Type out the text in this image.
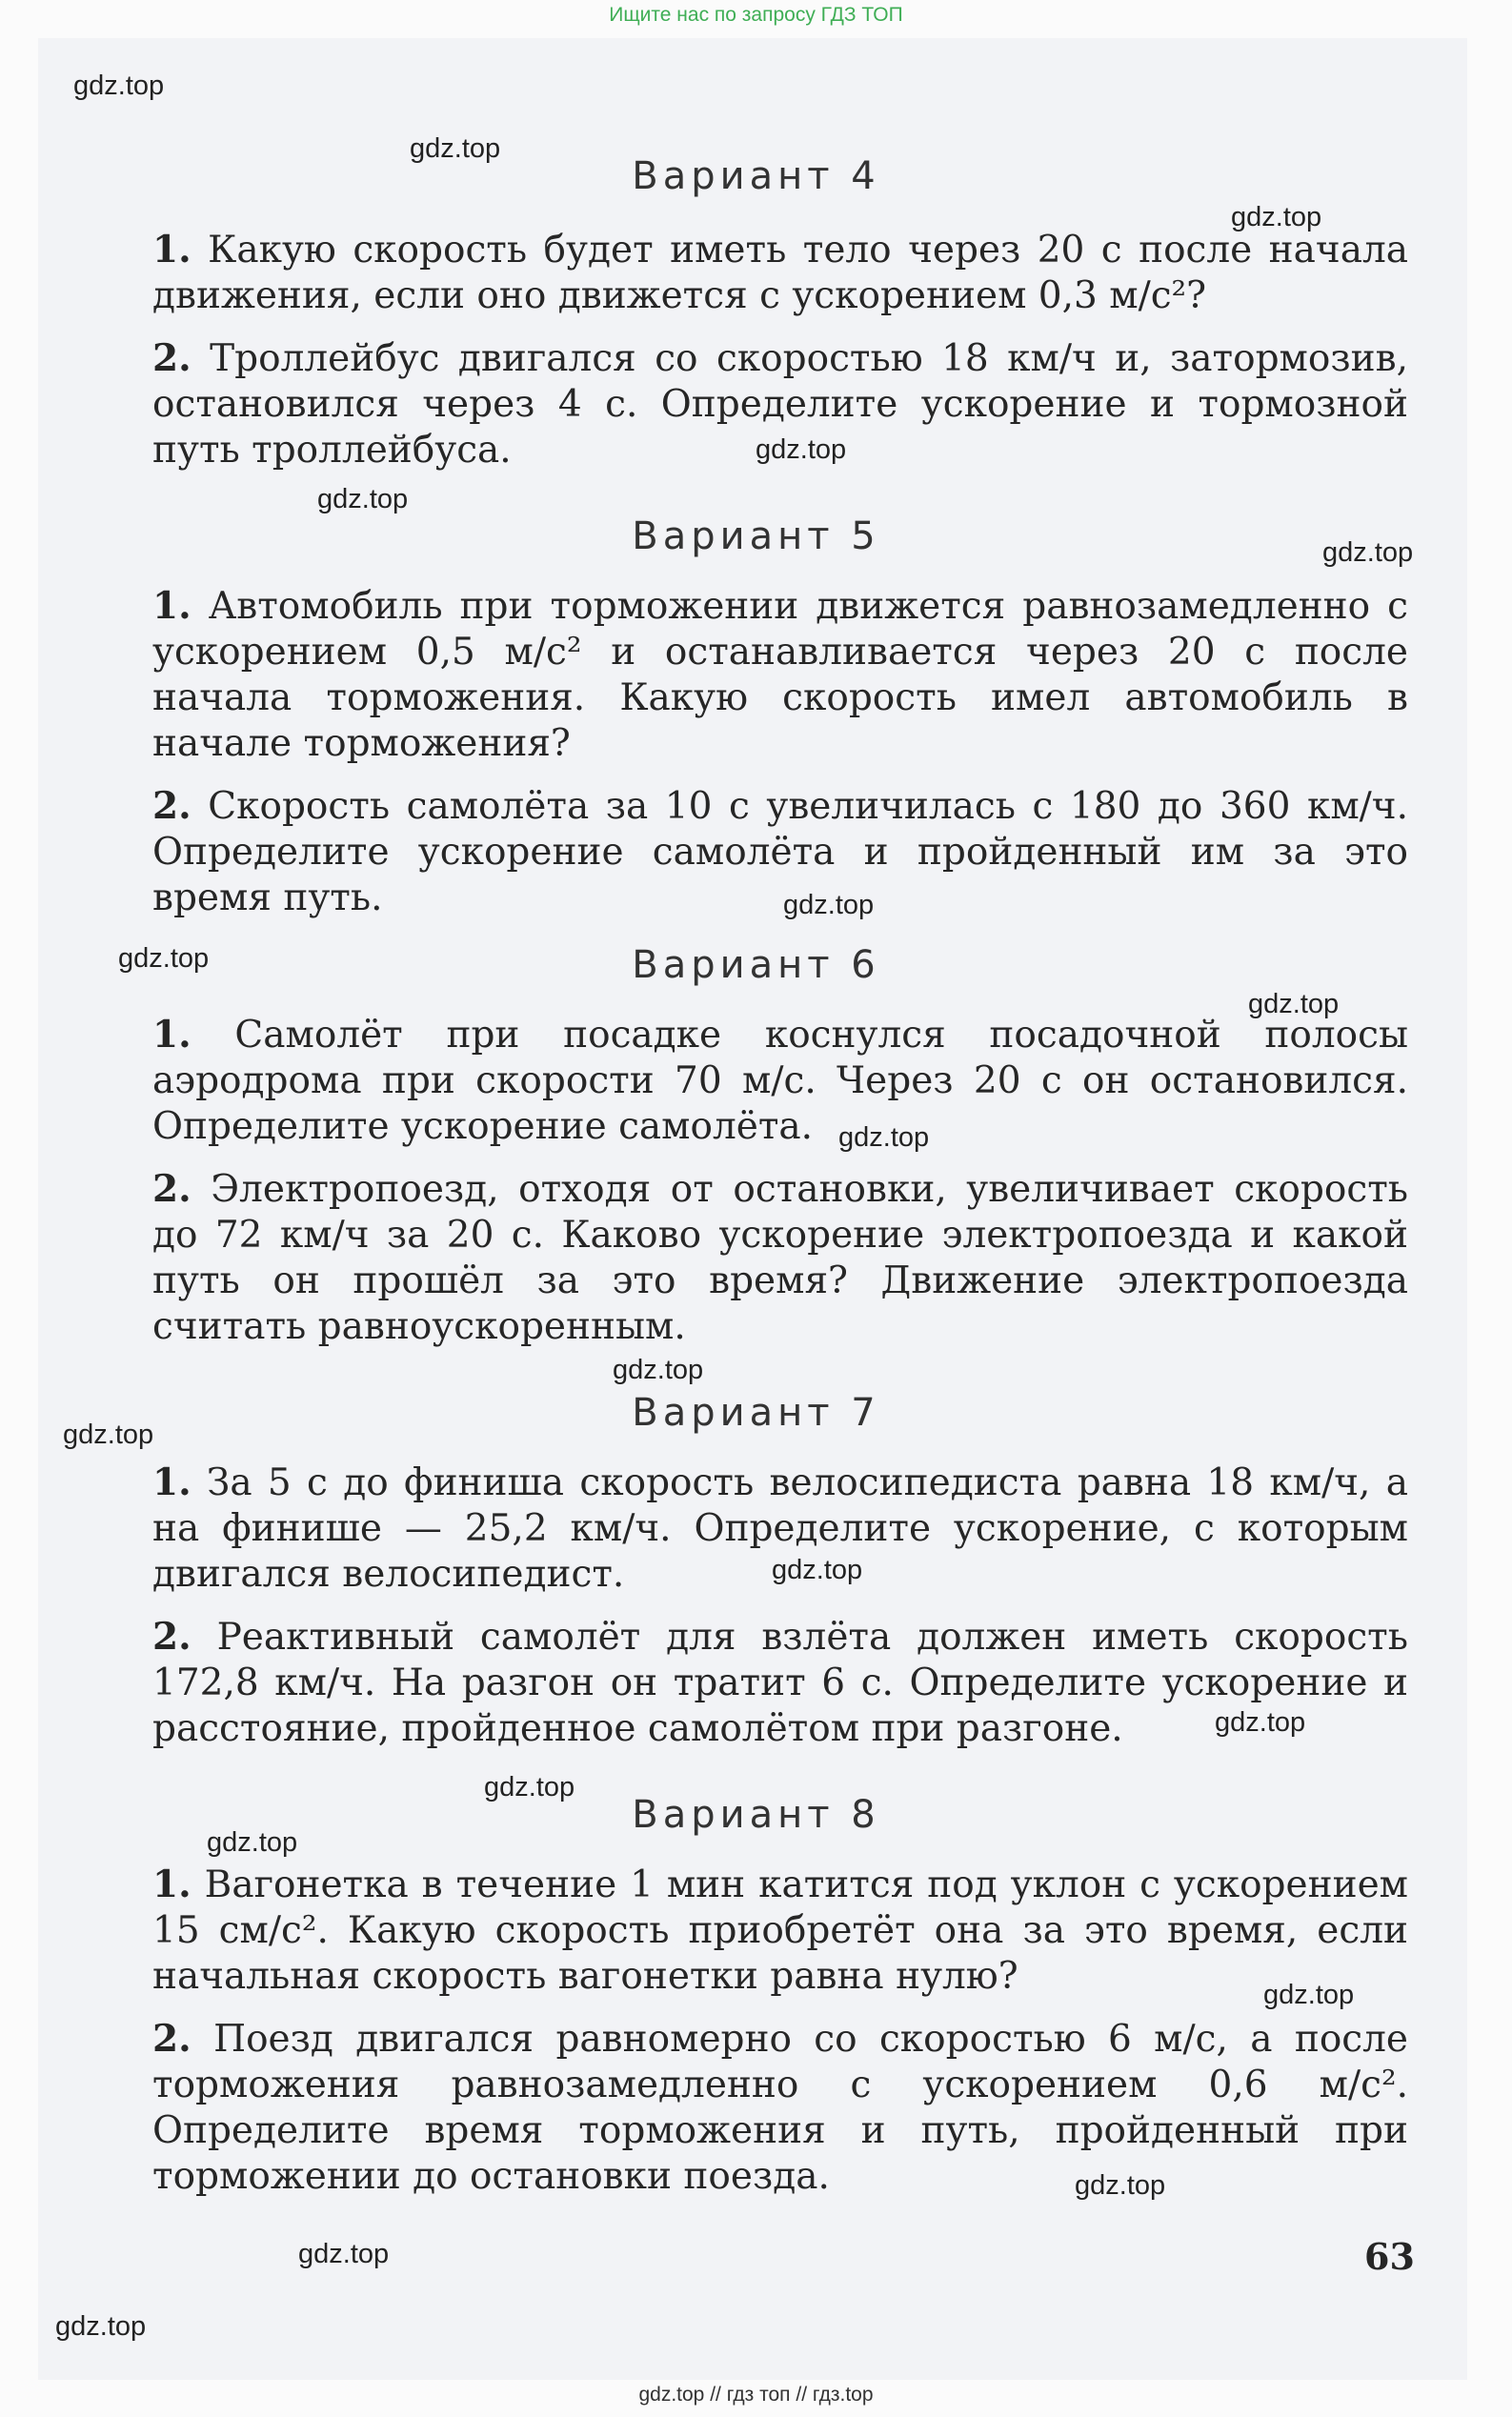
Ищите нас по запросу ГДЗ ТОП
Вариант 4
1. Какую скорость будет иметь тело через 20 с после начала движения, если оно движется с ускорением 0,3 м/с²?
2. Троллейбус двигался со скоростью 18 км/ч и, затормозив, остановился через 4 с. Определите ускорение и тормозной путь троллейбуса.
Вариант 5
1. Автомобиль при торможении движется равнозамедленно с ускорением 0,5 м/с² и останавливается через 20 с после начала торможения. Какую скорость имел автомобиль в начале торможения?
2. Скорость самолёта за 10 с увеличилась с 180 до 360 км/ч. Определите ускорение самолёта и пройденный им за это время путь.
Вариант 6
1. Самолёт при посадке коснулся посадочной полосы аэродрома при скорости 70 м/с. Через 20 с он остановился. Определите ускорение самолёта.
2. Электропоезд, отходя от остановки, увеличивает скорость до 72 км/ч за 20 с. Каково ускорение электропоезда и какой путь он прошёл за это время? Движение электропоезда считать равноускоренным.
Вариант 7
1. За 5 с до финиша скорость велосипедиста равна 18 км/ч, а на финише — 25,2 км/ч. Определите ускорение, с которым двигался велосипедист.
2. Реактивный самолёт для взлёта должен иметь скорость 172,8 км/ч. На разгон он тратит 6 с. Определите ускорение и расстояние, пройденное самолётом при разгоне.
Вариант 8
1. Вагонетка в течение 1 мин катится под уклон с ускорением 15 см/с². Какую скорость приобретёт она за это время, если начальная скорость вагонетки равна нулю?
2. Поезд двигался равномерно со скоростью 6 м/с, а после торможения равнозамедленно с ускорением 0,6 м/с². Определите время торможения и путь, пройденный при торможении до остановки поезда.
63
gdz.top
gdz.top
gdz.top
gdz.top
gdz.top
gdz.top
gdz.top
gdz.top
gdz.top
gdz.top
gdz.top
gdz.top
gdz.top
gdz.top
gdz.top
gdz.top
gdz.top
gdz.top
gdz.top
gdz.top
gdz.top // гдз топ // гдз.top
